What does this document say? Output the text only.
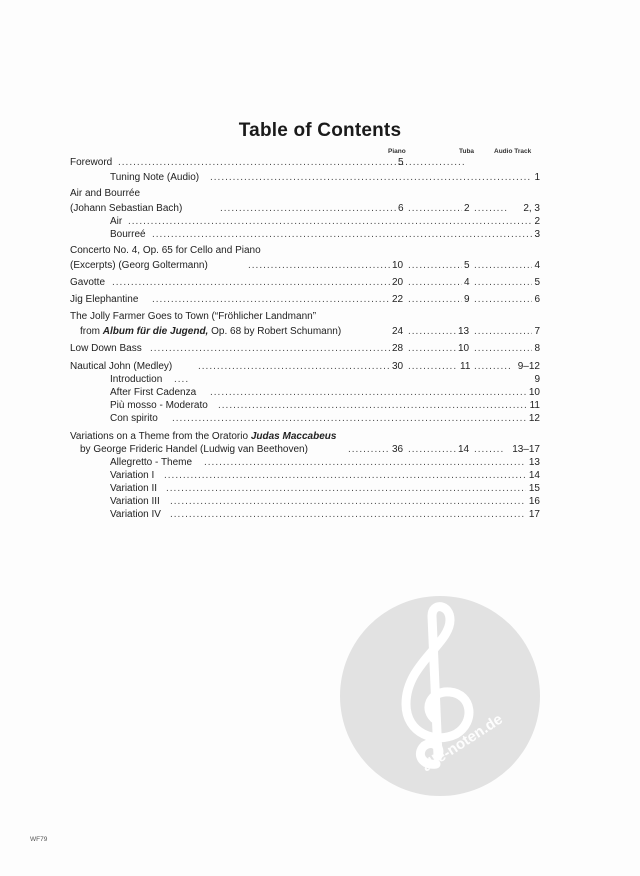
Table of Contents
Piano	Tuba	Audio Track
Foreword .....	5
Tuning Note (Audio) .....	1
Air and Bourrée
(Johann Sebastian Bach) .....	6 .....	2 .....	2, 3
Air .....	2
Bourreé .....	3
Concerto No. 4, Op. 65 for Cello and Piano
(Excerpts) (Georg Goltermann) .....	10 .....	5 .....	4
Gavotte .....	20 .....	4 .....	5
Jig Elephantine .....	22 .....	9 .....	6
The Jolly Farmer Goes to Town (“Fröhlicher Landmann”
from Album für die Jugend, Op. 68 by Robert Schumann)	24 .....	13 .....	7
Low Down Bass .....	28 .....	10 .....	8
Nautical John (Medley) .....	30 .....	11 .....	9–12
Introduction .....	9
After First Cadenza .....	10
Più mosso - Moderato .....	11
Con spirito .....	12
Variations on a Theme from the Oratorio Judas Maccabeus
by George Frideric Handel (Ludwig van Beethoven) .....	36 .....	14 .....	13–17
Allegretto - Theme .....	13
Variation I .....	14
Variation II .....	15
Variation III .....	16
Variation IV .....	17
alle-noten.de
WF79
